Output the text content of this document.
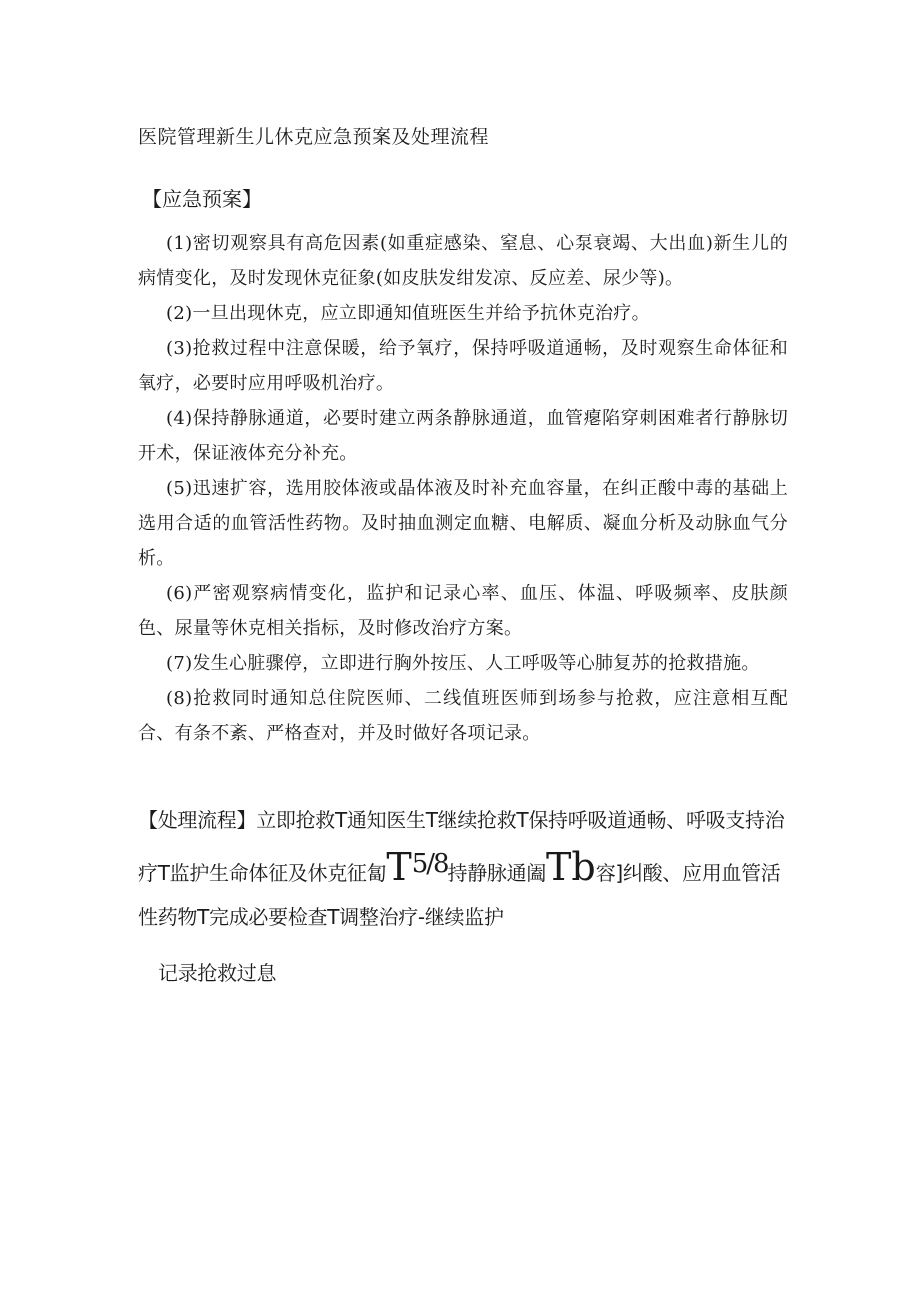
医院管理新生儿休克应急预案及处理流程
【应急预案】

(1)密切观察具有高危因素(如重症感染、窒息、心泵衰竭、大出血)新生儿的病情变化，及时发现休克征象(如皮肤发绀发凉、反应差、尿少等)。

(2)一旦出现休克，应立即通知值班医生并给予抗休克治疗。

(3)抢救过程中注意保暖，给予氧疗，保持呼吸道通畅，及时观察生命体征和氧疗，必要时应用呼吸机治疗。

(4)保持静脉通道，必要时建立两条静脉通道，血管瘪陷穿刺困难者行静脉切开术，保证液体充分补充。

(5)迅速扩容，选用胶体液或晶体液及时补充血容量，在纠正酸中毒的基础上选用合适的血管活性药物。及时抽血测定血糖、电解质、凝血分析及动脉血气分析。

(6)严密观察病情变化，监护和记录心率、血压、体温、呼吸频率、皮肤颜色、尿量等休克相关指标，及时修改治疗方案。

(7)发生心脏骤停，立即进行胸外按压、人工呼吸等心肺复苏的抢救措施。

(8)抢救同时通知总住院医师、二线值班医师到场参与抢救，应注意相互配合、有条不紊、严格查对，并及时做好各项记录。

【处理流程】立即抢救T通知医生T继续抢救T保持呼吸道通畅、呼吸支持治疗T监护生命体征及休克征匐T5/8持静脉通阖Tb容]纠酸、应用血管活性药物T完成必要检查T调整治疗-继续监护

记录抢救过息
